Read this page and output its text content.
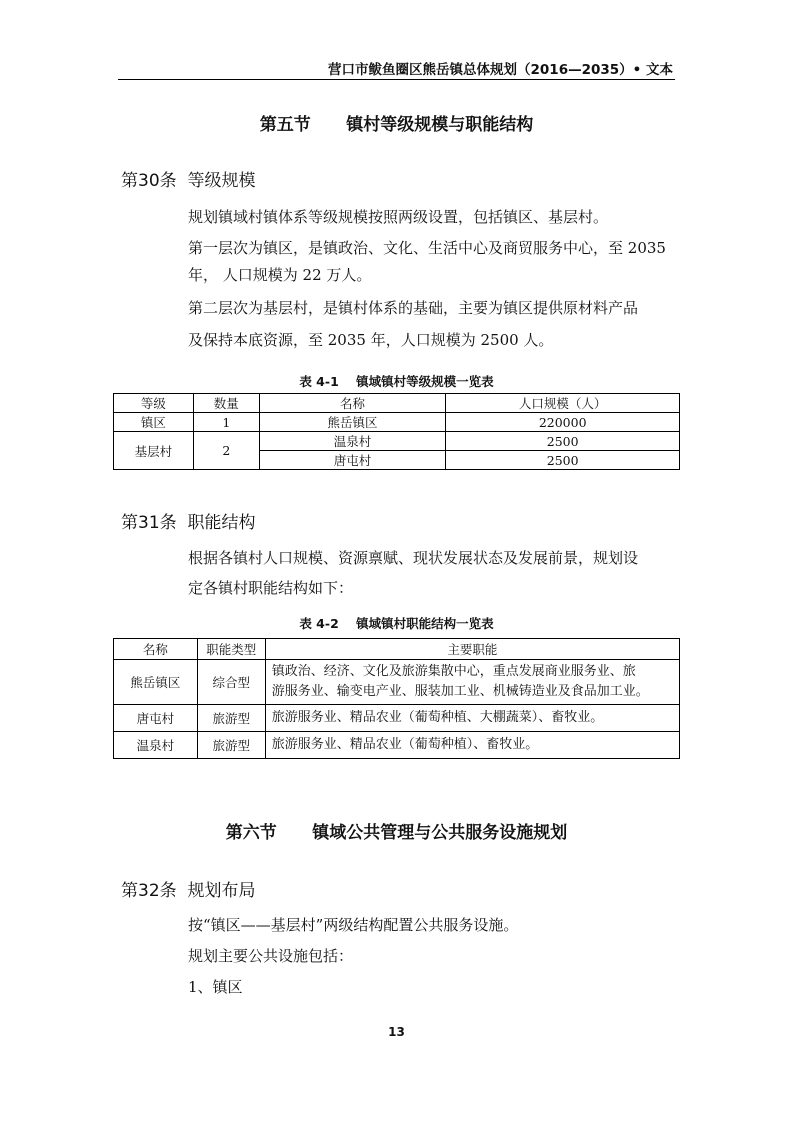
营口市鲅鱼圈区熊岳镇总体规划（2016—2035）• 文本
第五节      镇村等级规模与职能结构
第30条  等级规模
规划镇域村镇体系等级规模按照两级设置，包括镇区、基层村。
第一层次为镇区，是镇政治、文化、生活中心及商贸服务中心，至 2035
年， 人口规模为 22 万人。
第二层次为基层村，是镇村体系的基础，主要为镇区提供原材料产品
及保持本底资源，至 2035 年，人口规模为 2500 人。
表 4-1    镇域镇村等级规模一览表
等级	数量	名称	人口规模（人）
镇区	1	熊岳镇区	220000
基层村	2	温泉村	2500
		唐屯村	2500
第31条  职能结构
根据各镇村人口规模、资源禀赋、现状发展状态及发展前景，规划设
定各镇村职能结构如下：
表 4-2    镇域镇村职能结构一览表
名称	职能类型	主要职能
熊岳镇区	综合型	镇政治、经济、文化及旅游集散中心，重点发展商业服务业、旅
游服务业、输变电产业、服装加工业、机械铸造业及食品加工业。

唐屯村	旅游型	旅游服务业、精品农业（葡萄种植、大棚蔬菜）、畜牧业。
温泉村	旅游型	旅游服务业、精品农业（葡萄种植）、畜牧业。
第六节      镇域公共管理与公共服务设施规划
第32条  规划布局
按“镇区——基层村”两级结构配置公共服务设施。
规划主要公共设施包括：
1、镇区
13
